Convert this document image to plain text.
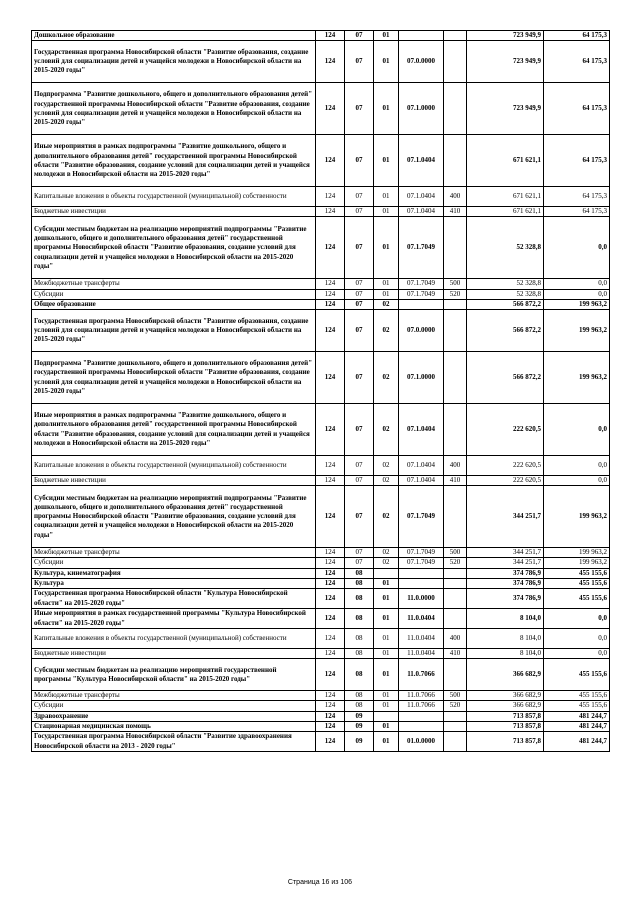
Дошкольное образование	124	07	01			723 949,9	64 175,3
Государственная программа Новосибирской области "Развитие образования, создание условий для социализации детей и учащейся молодежи в Новосибирской области на 2015-2020 годы"	124	07	01	07.0.0000		723 949,9	64 175,3
Подпрограмма "Развитие дошкольного, общего и дополнительного образования детей" государственной программы Новосибирской области "Развитие образования, создание условий для социализации детей и учащейся молодежи в Новосибирской области на 2015-2020 годы"	124	07	01	07.1.0000		723 949,9	64 175,3
Иные мероприятия в рамках подпрограммы "Развитие дошкольного, общего и дополнительного образования детей" государственной программы Новосибирской области "Развитие образования, создание условий для социализации детей и учащейся молодежи в Новосибирской области на 2015-2020 годы"	124	07	01	07.1.0404		671 621,1	64 175,3
Капитальные вложения в объекты государственной (муниципальной) собственности	124	07	01	07.1.0404	400	671 621,1	64 175,3
Бюджетные инвестиции	124	07	01	07.1.0404	410	671 621,1	64 175,3
Субсидии местным бюджетам на реализацию мероприятий подпрограммы "Развитие дошкольного, общего и дополнительного образования детей" государственной программы Новосибирской области "Развитие образования, создание условий для социализации детей и учащейся молодежи в Новосибирской области на 2015-2020 годы"	124	07	01	07.1.7049		52 328,8	0,0
Межбюджетные трансферты	124	07	01	07.1.7049	500	52 328,8	0,0
Субсидии	124	07	01	07.1.7049	520	52 328,8	0,0
Общее образование	124	07	02			566 872,2	199 963,2
Государственная программа Новосибирской области "Развитие образования, создание условий для социализации детей и учащейся молодежи в Новосибирской области на 2015-2020 годы"	124	07	02	07.0.0000		566 872,2	199 963,2
Подпрограмма "Развитие дошкольного, общего и дополнительного образования детей" государственной программы Новосибирской области "Развитие образования, создание условий для социализации детей и учащейся молодежи в Новосибирской области на 2015-2020 годы"	124	07	02	07.1.0000		566 872,2	199 963,2
Иные мероприятия в рамках подпрограммы "Развитие дошкольного, общего и дополнительного образования детей" государственной программы Новосибирской области "Развитие образования, создание условий для социализации детей и учащейся молодежи в Новосибирской области на 2015-2020 годы"	124	07	02	07.1.0404		222 620,5	0,0
Капитальные вложения в объекты государственной (муниципальной) собственности	124	07	02	07.1.0404	400	222 620,5	0,0
Бюджетные инвестиции	124	07	02	07.1.0404	410	222 620,5	0,0
Субсидии местным бюджетам на реализацию мероприятий подпрограммы "Развитие дошкольного, общего и дополнительного образования детей" государственной программы Новосибирской области "Развитие образования, создание условий для социализации детей и учащейся молодежи в Новосибирской области на 2015-2020 годы"	124	07	02	07.1.7049		344 251,7	199 963,2
Межбюджетные трансферты	124	07	02	07.1.7049	500	344 251,7	199 963,2
Субсидии	124	07	02	07.1.7049	520	344 251,7	199 963,2
Культура, кинематография	124	08				374 786,9	455 155,6
Культура	124	08	01			374 786,9	455 155,6
Государственная программа Новосибирской области "Культура Новосибирской области" на 2015-2020 годы"	124	08	01	11.0.0000		374 786,9	455 155,6
Иные мероприятия в рамках государственной программы "Культура Новосибирской области" на 2015-2020 годы"	124	08	01	11.0.0404		8 104,0	0,0
Капитальные вложения в объекты государственной (муниципальной) собственности	124	08	01	11.0.0404	400	8 104,0	0,0
Бюджетные инвестиции	124	08	01	11.0.0404	410	8 104,0	0,0
Субсидии местным бюджетам на реализацию мероприятий государственной программы "Культура Новосибирской области" на 2015-2020 годы"	124	08	01	11.0.7066		366 682,9	455 155,6
Межбюджетные трансферты	124	08	01	11.0.7066	500	366 682,9	455 155,6
Субсидии	124	08	01	11.0.7066	520	366 682,9	455 155,6
Здравоохранение	124	09				713 857,8	481 244,7
Стационарная медицинская помощь	124	09	01			713 857,8	481 244,7
Государственная программа Новосибирской области "Развитие здравоохранения Новосибирской области на 2013 - 2020 годы"	124	09	01	01.0.0000		713 857,8	481 244,7
Страница 16 из 106
